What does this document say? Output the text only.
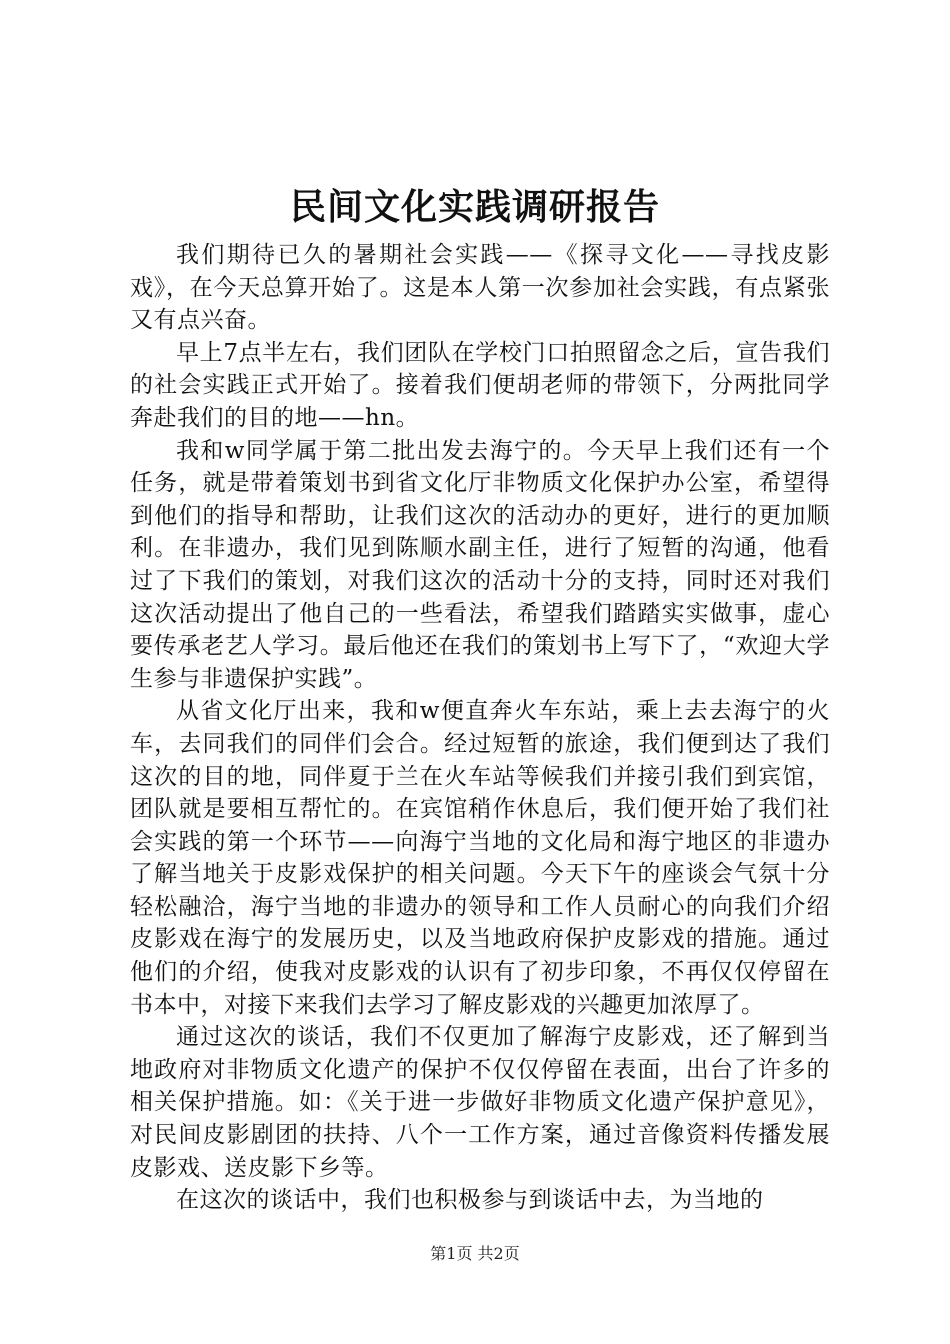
民间文化实践调研报告

我们期待已久的暑期社会实践——《探寻文化——寻找皮影戏》，在今天总算开始了。这是本人第一次参加社会实践，有点紧张又有点兴奋。

早上7点半左右，我们团队在学校门口拍照留念之后，宣告我们的社会实践正式开始了。接着我们便胡老师的带领下，分两批同学奔赴我们的目的地——hn。

我和w同学属于第二批出发去海宁的。今天早上我们还有一个任务，就是带着策划书到省文化厅非物质文化保护办公室，希望得到他们的指导和帮助，让我们这次的活动办的更好，进行的更加顺利。在非遗办，我们见到陈顺水副主任，进行了短暂的沟通，他看过了下我们的策划，对我们这次的活动十分的支持，同时还对我们这次活动提出了他自己的一些看法，希望我们踏踏实实做事，虚心要传承老艺人学习。最后他还在我们的策划书上写下了，“欢迎大学生参与非遗保护实践”。

从省文化厅出来，我和w便直奔火车东站，乘上去去海宁的火车，去同我们的同伴们会合。经过短暂的旅途，我们便到达了我们这次的目的地，同伴夏于兰在火车站等候我们并接引我们到宾馆，团队就是要相互帮忙的。在宾馆稍作休息后，我们便开始了我们社会实践的第一个环节——向海宁当地的文化局和海宁地区的非遗办了解当地关于皮影戏保护的相关问题。今天下午的座谈会气氛十分轻松融洽，海宁当地的非遗办的领导和工作人员耐心的向我们介绍皮影戏在海宁的发展历史，以及当地政府保护皮影戏的措施。通过他们的介绍，使我对皮影戏的认识有了初步印象，不再仅仅停留在书本中，对接下来我们去学习了解皮影戏的兴趣更加浓厚了。

通过这次的谈话，我们不仅更加了解海宁皮影戏，还了解到当地政府对非物质文化遗产的保护不仅仅停留在表面，出台了许多的相关保护措施。如：《关于进一步做好非物质文化遗产保护意见》，对民间皮影剧团的扶持、八个一工作方案，通过音像资料传播发展皮影戏、送皮影下乡等。

在这次的谈话中，我们也积极参与到谈话中去，为当地的

第1页 共2页
